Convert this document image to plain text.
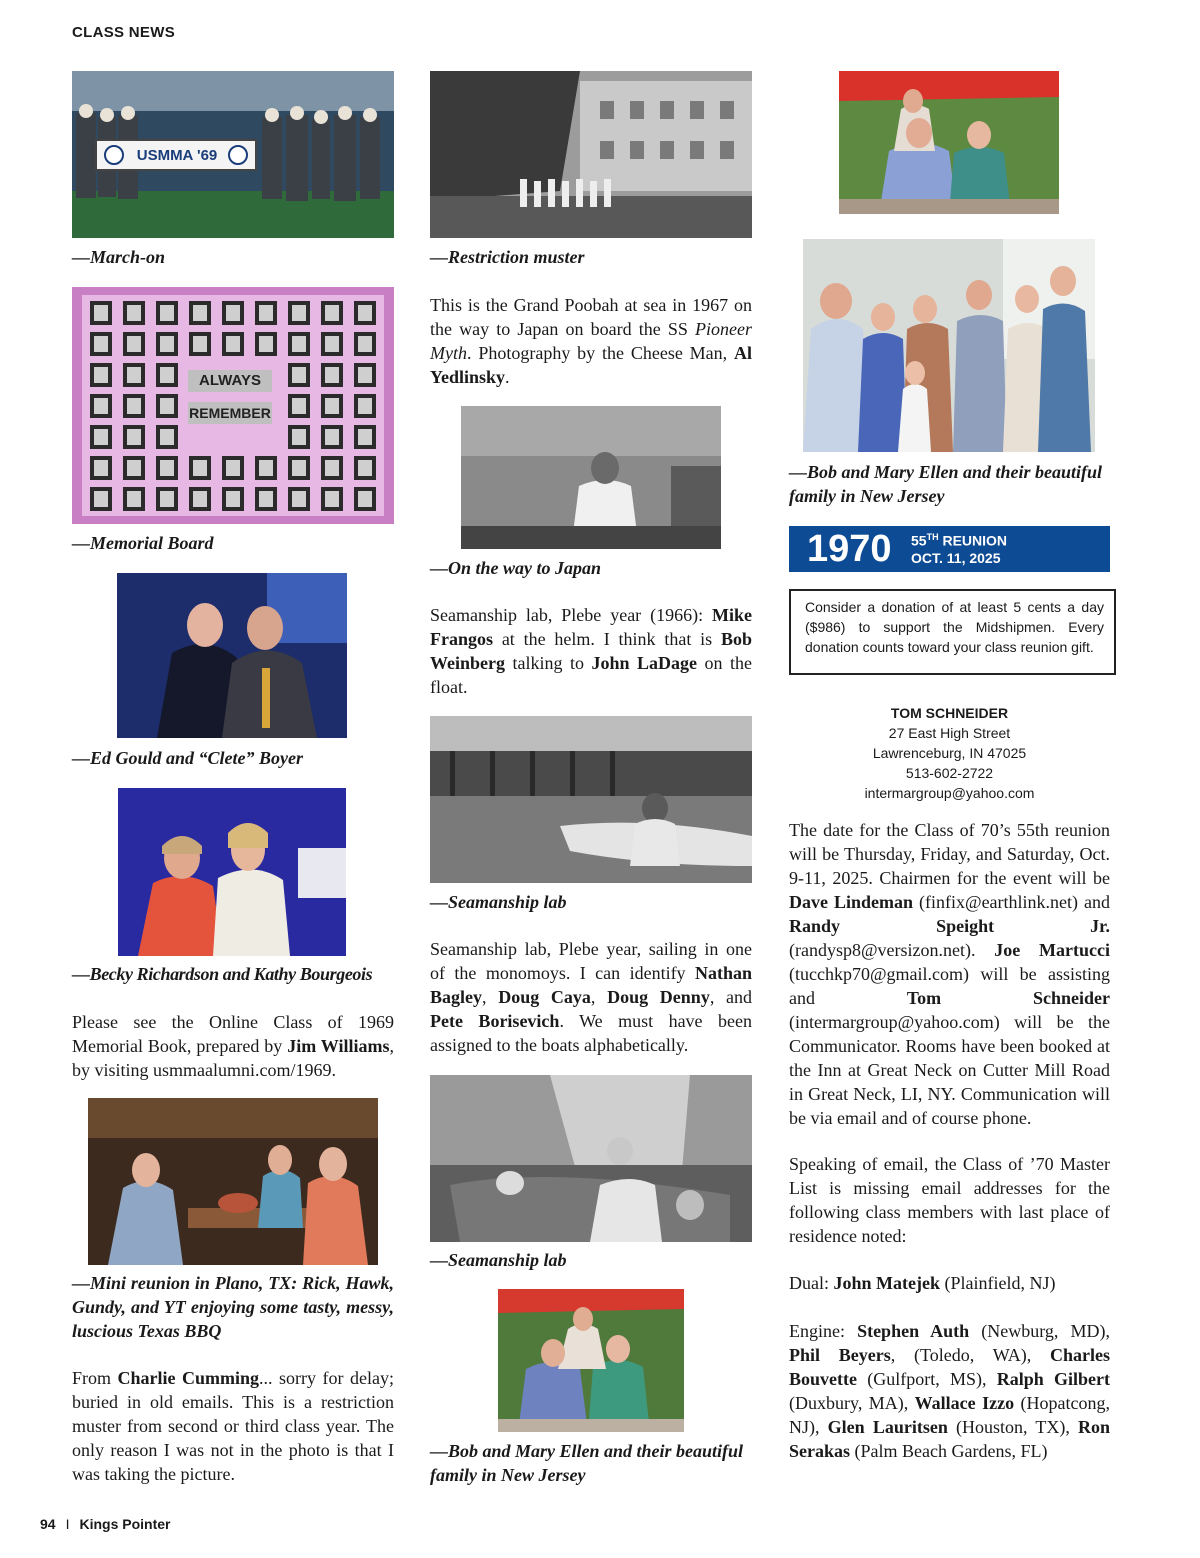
CLASS NEWS
USMMA '69
—March-on
ALWAYS
REMEMBER
—Memorial Board
—Ed Gould and “Clete” Boyer
—Becky Richardson and Kathy Bourgeois
Please see the Online Class of 1969 Memorial Book, prepared by Jim Williams, by visiting usmmaalumni.com/1969.
—Mini reunion in Plano, TX: Rick, Hawk, Gundy, and YT enjoying some tasty, messy, luscious Texas BBQ
From Charlie Cumming... sorry for delay; buried in old emails. This is a restriction muster from second or third class year. The only reason I was not in the photo is that I was taking the picture.
—Restriction muster
This is the Grand Poobah at sea in 1967 on the way to Japan on board the SS Pioneer Myth. Photography by the Cheese Man, Al Yedlinsky.
—On the way to Japan
Seamanship lab, Plebe year (1966): Mike Frangos at the helm. I think that is Bob Weinberg talking to John LaDage on the float.
—Seamanship lab
Seamanship lab, Plebe year, sailing in one of the monomoys. I can identify Nathan Bagley, Doug Caya, Doug Denny, and Pete Borisevich. We must have been assigned to the boats alphabetically.
—Seamanship lab
—Bob and Mary Ellen and their beautiful family in New Jersey
—Bob and Mary Ellen and their beautiful family in New Jersey
1970 55TH REUNION
OCT. 11, 2025
Consider a donation of at least 5 cents a day ($986) to support the Midshipmen. Every donation counts toward your class reunion gift.
TOM SCHNEIDER
27 East High Street
Lawrenceburg, IN 47025
513-602-2722
intermargroup@yahoo.com
The date for the Class of 70’s 55th reunion will be Thursday, Friday, and Saturday, Oct. 9-11, 2025. Chairmen for the event will be Dave Lindeman (finfix@earthlink.net) and Randy Speight Jr. (randysp8@versizon.net). Joe Martucci (tucchkp70@gmail.com) will be assisting and Tom Schneider (intermargroup@yahoo.com) will be the Communicator. Rooms have been booked at the Inn at Great Neck on Cutter Mill Road in Great Neck, LI, NY. Communication will be via email and of course phone.
Speaking of email, the Class of ’70 Master List is missing email addresses for the following class members with last place of residence noted:
Dual: John Matejek (Plainfield, NJ)
Engine: Stephen Auth (Newburg, MD), Phil Beyers, (Toledo, WA), Charles Bouvette (Gulfport, MS), Ralph Gilbert (Duxbury, MA), Wallace Izzo (Hopatcong, NJ), Glen Lauritsen (Houston, TX), Ron Serakas (Palm Beach Gardens, FL)
94 I Kings Pointer
